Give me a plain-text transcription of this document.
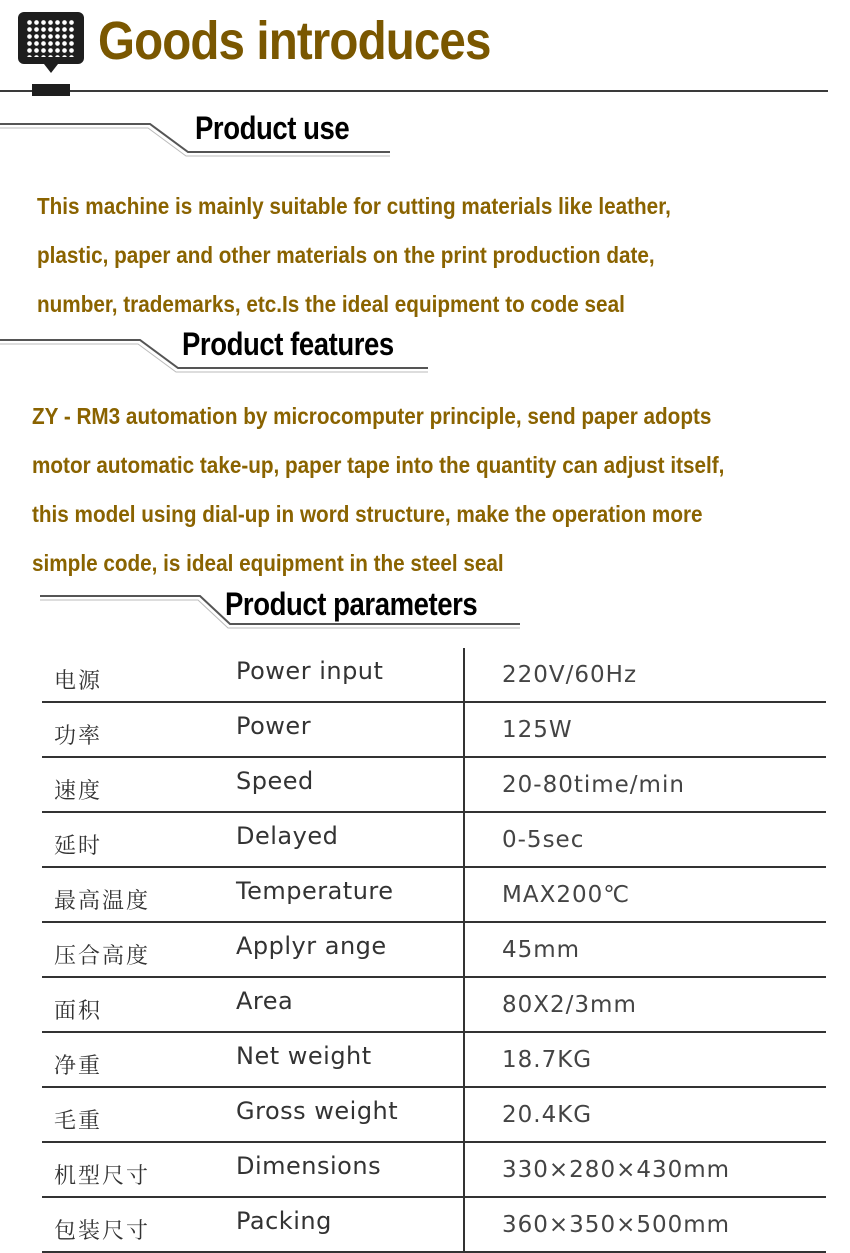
Goods introduces
Product use
This machine is mainly suitable for cutting materials like leather,
plastic, paper and other materials on the print production date,
number, trademarks, etc.Is the ideal equipment to code seal
Product features
ZY - RM3 automation by microcomputer principle, send paper adopts
motor automatic take-up, paper tape into the quantity can adjust itself,
this model using dial-up in word structure, make the operation more
simple code, is ideal equipment in the steel seal
Product parameters
电源	Power input	220V/60Hz
功率	Power	125W
速度	Speed	20-80time/min
延时	Delayed	0-5sec
最高温度	Temperature	MAX200℃
压合高度	Applyr ange	45mm
面积	Area	80X2/3mm
净重	Net weight	18.7KG
毛重	Gross weight	20.4KG
机型尺寸	Dimensions	330×280×430mm
包装尺寸	Packing	360×350×500mm
